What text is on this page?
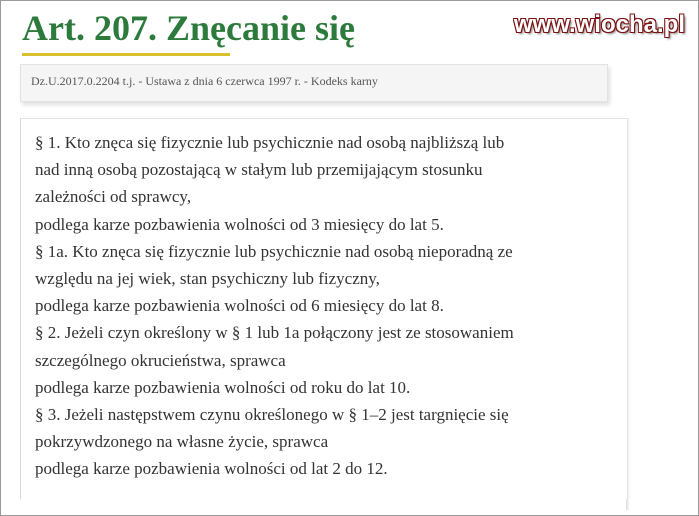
Art. 207. Znęcanie się	www.wiocha.pl
Dz.U.2017.0.2204 t.j. - Ustawa z dnia 6 czerwca 1997 r. - Kodeks karny
§ 1. Kto znęca się fizycznie lub psychicznie nad osobą najbliższą lub
nad inną osobą pozostającą w stałym lub przemijającym stosunku
zależności od sprawcy,
podlega karze pozbawienia wolności od 3 miesięcy do lat 5.
§ 1a. Kto znęca się fizycznie lub psychicznie nad osobą nieporadną ze
względu na jej wiek, stan psychiczny lub fizyczny,
podlega karze pozbawienia wolności od 6 miesięcy do lat 8.
§ 2. Jeżeli czyn określony w § 1 lub 1a połączony jest ze stosowaniem
szczególnego okrucieństwa, sprawca
podlega karze pozbawienia wolności od roku do lat 10.
§ 3. Jeżeli następstwem czynu określonego w § 1–2 jest targnięcie się
pokrzywdzonego na własne życie, sprawca
podlega karze pozbawienia wolności od lat 2 do 12.
